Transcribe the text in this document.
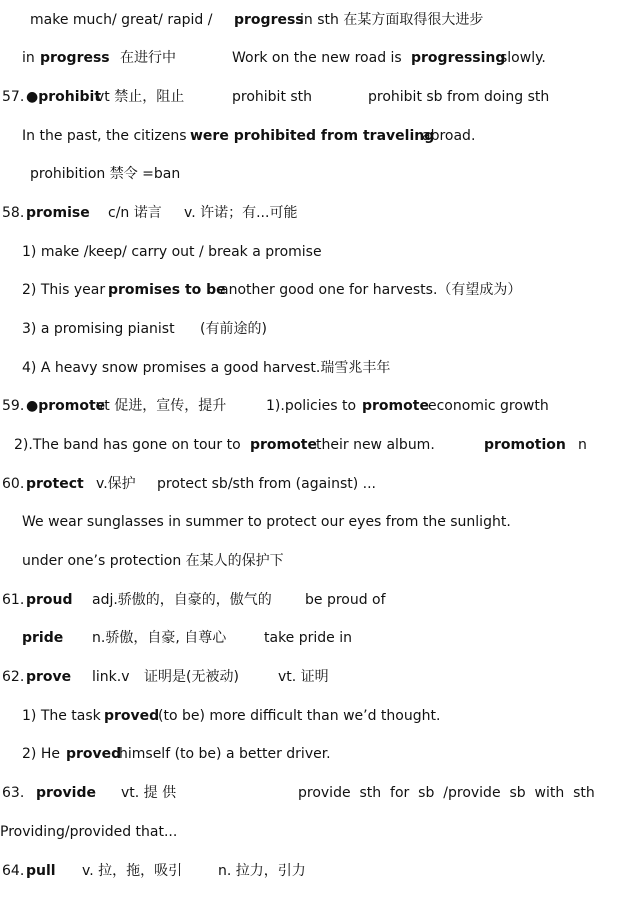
make much/ great/ rapid / progress
in sth 在某方面取得很大进步
in progress 在进行中	Work on the new road is progressing
slowly.
57. ●prohibit
vt 禁止，阻止	prohibit sth	prohibit sb from doing sth
In the past, the citizens were prohibited from traveling
abroad.
prohibition 禁令 =ban
58. promise c/n 诺言 v. 许诺；有...可能
1) make /keep/ carry out / break a promise
2) This year promises to be
another good one for harvests.（有望成为）
3) a promising pianist (有前途的)
4) A heavy snow promises a good harvest.瑞雪兆丰年
59. ●promote
vt 促进，宣传，提升	1).policies to promote economic growth
2).The band has gone on tour to promote their new album.	promotion n
60. protect v.保护 protect sb/sth from (against) ...
We wear sunglasses in summer to protect our eyes from the sunlight.
under one’s protection 在某人的保护下
61. proud adj.骄傲的，自豪的，傲气的 be proud of
pride n.骄傲，自豪, 自尊心	take pride in
62. prove link.v 证明是(无被动)	vt. 证明
1) The task proved
(to be) more difficult than we’d thought.
2) He proved
himself (to be) a better driver.
63. provide vt. 提 供	provide  sth  for  sb  /provide  sb  with  sth
Providing/provided that...
64. pull v. 拉，拖，吸引	n. 拉力，引力
